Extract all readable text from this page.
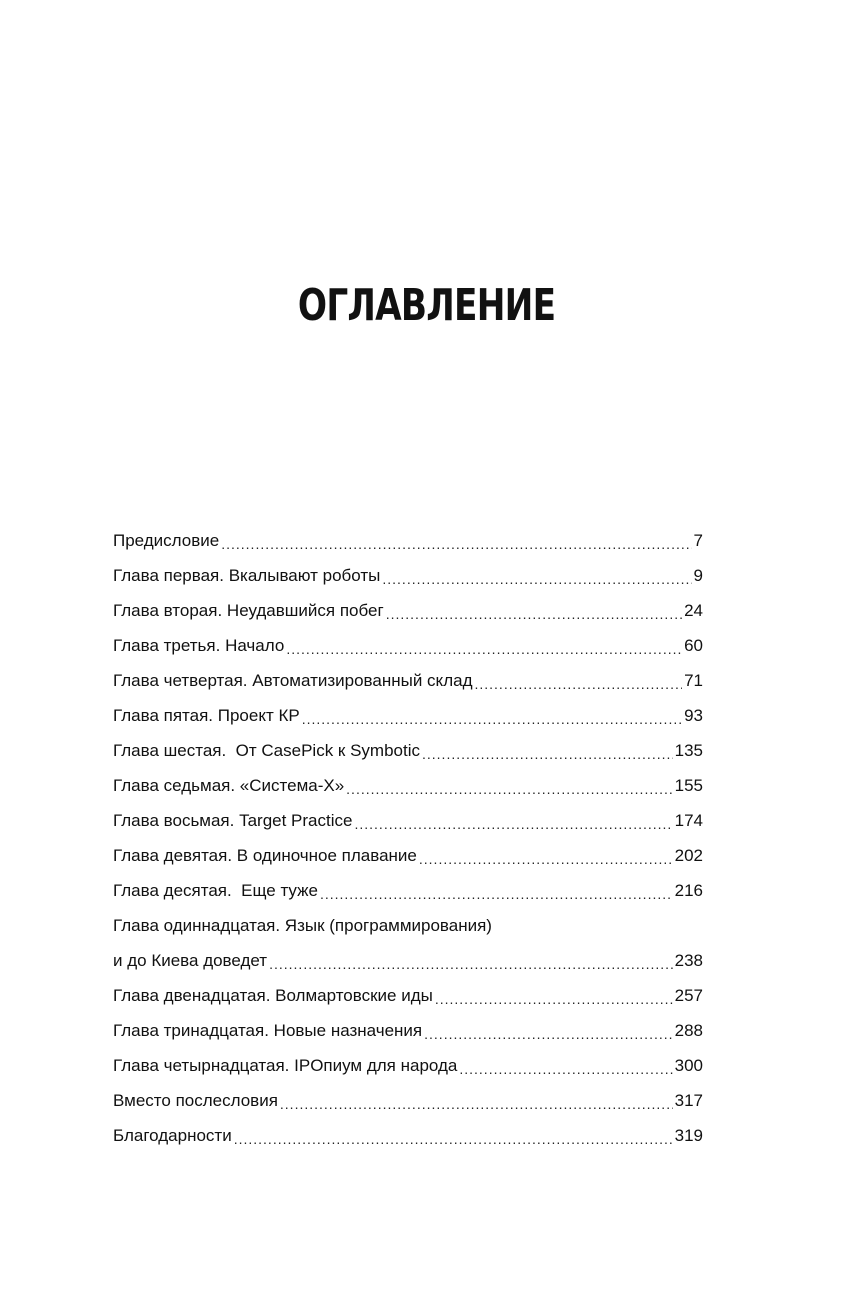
ОГЛАВЛЕНИЕ
Предисловие .....	7
Глава первая. Вкалывают роботы .....	9
Глава вторая. Неудавшийся побег .....	24
Глава третья. Начало .....	60
Глава четвертая. Автоматизированный склад .....	71
Глава пятая. Проект КР .....	93
Глава шестая.  От CasePick к Symbotic .....	135
Глава седьмая. «Система-X» .....	155
Глава восьмая. Target Practice .....	174
Глава девятая. В одиночное плавание .....	202
Глава десятая.  Еще туже .....	216
Глава одиннадцатая. Язык (программирования)
и до Киева доведет .....	238
Глава двенадцатая. Волмартовские иды .....	257
Глава тринадцатая. Новые назначения .....	288
Глава четырнадцатая. IPОпиум для народа .....	300
Вместо послесловия .....	317
Благодарности .....	319
